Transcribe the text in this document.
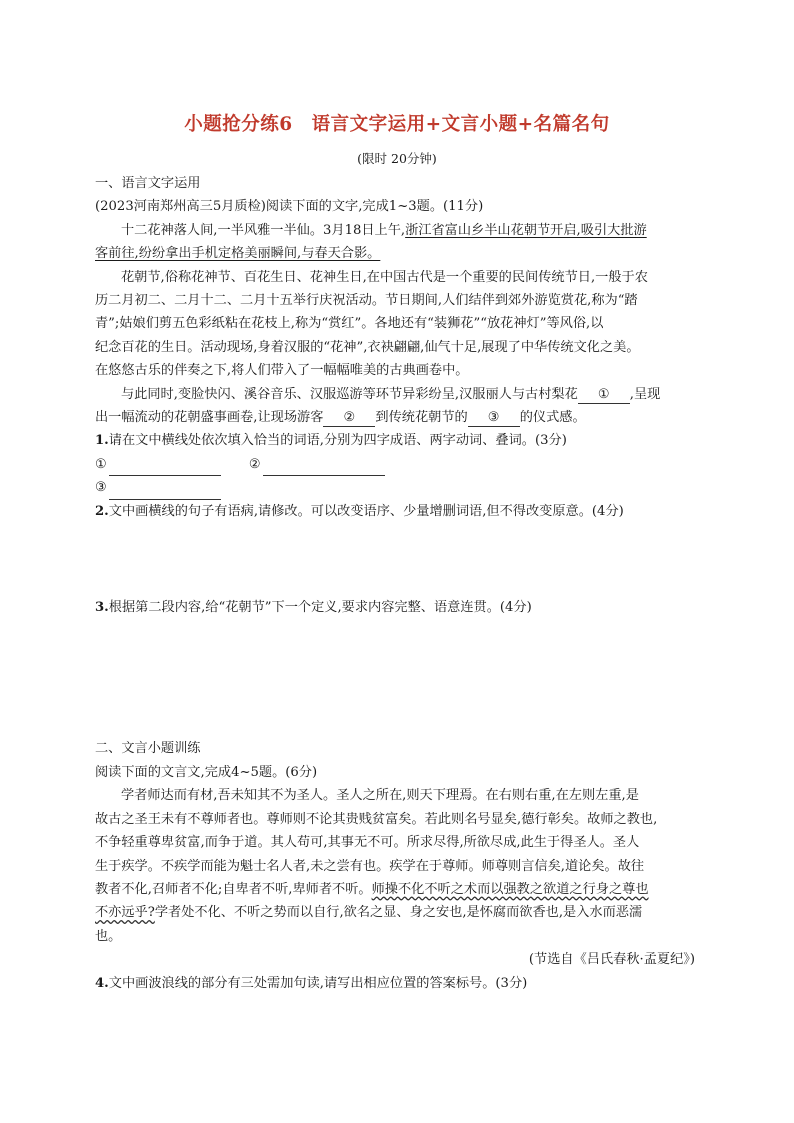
小题抢分练6　语言文字运用+文言小题+名篇名句
(限时 20分钟)
一、语言文字运用
(2023河南郑州高三5月质检)阅读下面的文字,完成1~3题。(11分)
十二花神落人间,一半风雅一半仙。3月18日上午,浙江省富山乡半山花朝节开启,吸引大批游
客前往,纷纷拿出手机定格美丽瞬间,与春天合影。
花朝节,俗称花神节、百花生日、花神生日,在中国古代是一个重要的民间传统节日,一般于农
历二月初二、二月十二、二月十五举行庆祝活动。节日期间,人们结伴到郊外游览赏花,称为“踏
青”;姑娘们剪五色彩纸粘在花枝上,称为“赏红”。各地还有“装狮花”“放花神灯”等风俗,以
纪念百花的生日。活动现场,身着汉服的“花神”,衣袂翩翩,仙气十足,展现了中华传统文化之美。
在悠悠古乐的伴奏之下,将人们带入了一幅幅唯美的古典画卷中。
与此同时,变脸快闪、溪谷音乐、汉服巡游等环节异彩纷呈,汉服丽人与古村梨花 ① ,呈现
出一幅流动的花朝盛事画卷,让现场游客 ② 到传统花朝节的 ③ 的仪式感。
1.请在文中横线处依次填入恰当的词语,分别为四字成语、两字动词、叠词。(3分)
①	②
③
2.文中画横线的句子有语病,请修改。可以改变语序、少量增删词语,但不得改变原意。(4分)
3.根据第二段内容,给“花朝节”下一个定义,要求内容完整、语意连贯。(4分)
二、文言小题训练
阅读下面的文言文,完成4~5题。(6分)
学者师达而有材,吾未知其不为圣人。圣人之所在,则天下理焉。在右则右重,在左则左重,是
故古之圣王未有不尊师者也。尊师则不论其贵贱贫富矣。若此则名号显矣,德行彰矣。故师之教也,
不争轻重尊卑贫富,而争于道。其人苟可,其事无不可。所求尽得,所欲尽成,此生于得圣人。圣人
生于疾学。不疾学而能为魁士名人者,未之尝有也。疾学在于尊师。师尊则言信矣,道论矣。故往
教者不化,召师者不化;自卑者不听,卑师者不听。师操不化不听之术而以强教之欲道之行身之尊也
不亦远乎?学者处不化、不听之势而以自行,欲名之显、身之安也,是怀腐而欲香也,是入水而恶濡
也。
(节选自《吕氏春秋·孟夏纪》)
4.文中画波浪线的部分有三处需加句读,请写出相应位置的答案标号。(3分)
